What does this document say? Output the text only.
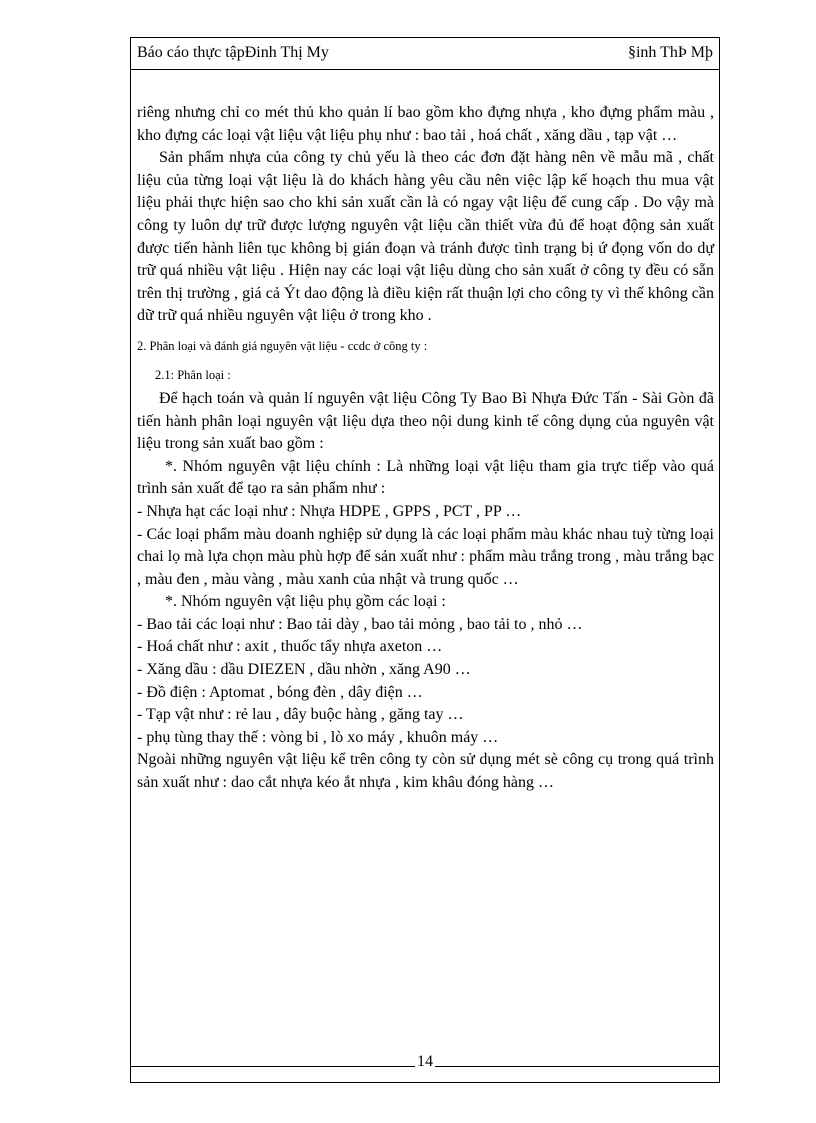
Báo cáo thực tậpĐinh Thị My	§inh ThÞ Mþ

riêng nhưng chỉ co mét thủ kho quản lí bao gồm kho đựng nhựa , kho đựng phẩm màu , kho đựng các loại vật liệu vật liệu phụ như : bao tải , hoá chất , xăng dầu , tạp vật …

Sản phẩm nhựa của công ty chủ yếu là theo các đơn đặt hàng nên về mẫu mã , chất liệu của từng loại vật liệu là do khách hàng yêu cầu nên việc lập kế hoạch thu mua vật liệu phải thực hiện sao cho khi sản xuất cần là có ngay vật liệu để cung cấp . Do vậy mà công ty luôn dự trữ được lượng nguyên vật liệu cần thiết vừa đủ để hoạt động sản xuất được tiến hành liên tục không bị gián đoạn và tránh được tình trạng bị ứ đọng vốn do dự trữ quá nhiều vật liệu . Hiện nay các loại vật liệu dùng cho sản xuất ở công ty đều có sẵn trên thị trường , giá cả Ýt dao động là điều kiện rất thuận lợi cho công ty vì thế không cần dữ trữ quá nhiều nguyên vật liệu ở trong kho .

2. Phân loại và đánh giá nguyên vật liệu - ccdc ở công ty :

2.1: Phân loại :

Để hạch toán và quản lí nguyên vật liệu Công Ty Bao Bì Nhựa Đức Tấn - Sài Gòn đã tiến hành phân loại nguyên vật liệu dựa theo nội dung kinh tế công dụng của nguyên vật liệu trong sản xuất bao gồm :

*. Nhóm nguyên vật liệu chính : Là những loại vật liệu tham gia trực tiếp vào quá trình sản xuất để tạo ra sản phẩm như :

- Nhựa hạt các loại như : Nhựa HDPE , GPPS , PCT , PP …

- Các loại phẩm màu doanh nghiệp sử dụng là các loại phẩm màu khác nhau tuỳ từng loại chai lọ mà lựa chọn màu phù hợp để sản xuất như : phẩm màu trắng trong , màu trắng bạc , màu đen , màu vàng , màu xanh của nhật và trung quốc …

*. Nhóm nguyên vật liệu phụ gồm các loại :

- Bao tải các loại như : Bao tải dày , bao tải mỏng , bao tải to , nhỏ …

- Hoá chất như : axit , thuốc tẩy nhựa axeton …

- Xăng dầu : dầu DIEZEN , dầu nhờn , xăng A90 …

- Đồ điện : Aptomat , bóng đèn , dây điện …

- Tạp vật như : rẻ lau , dây buộc hàng , găng tay …

- phụ tùng thay thế : vòng bi , lò xo máy , khuôn máy …

Ngoài những nguyên vật liệu kể trên công ty còn sử dụng mét sè công cụ trong quá trình sản xuất như : dao cắt nhựa kéo ắt nhựa , kim khâu đóng hàng …

14
